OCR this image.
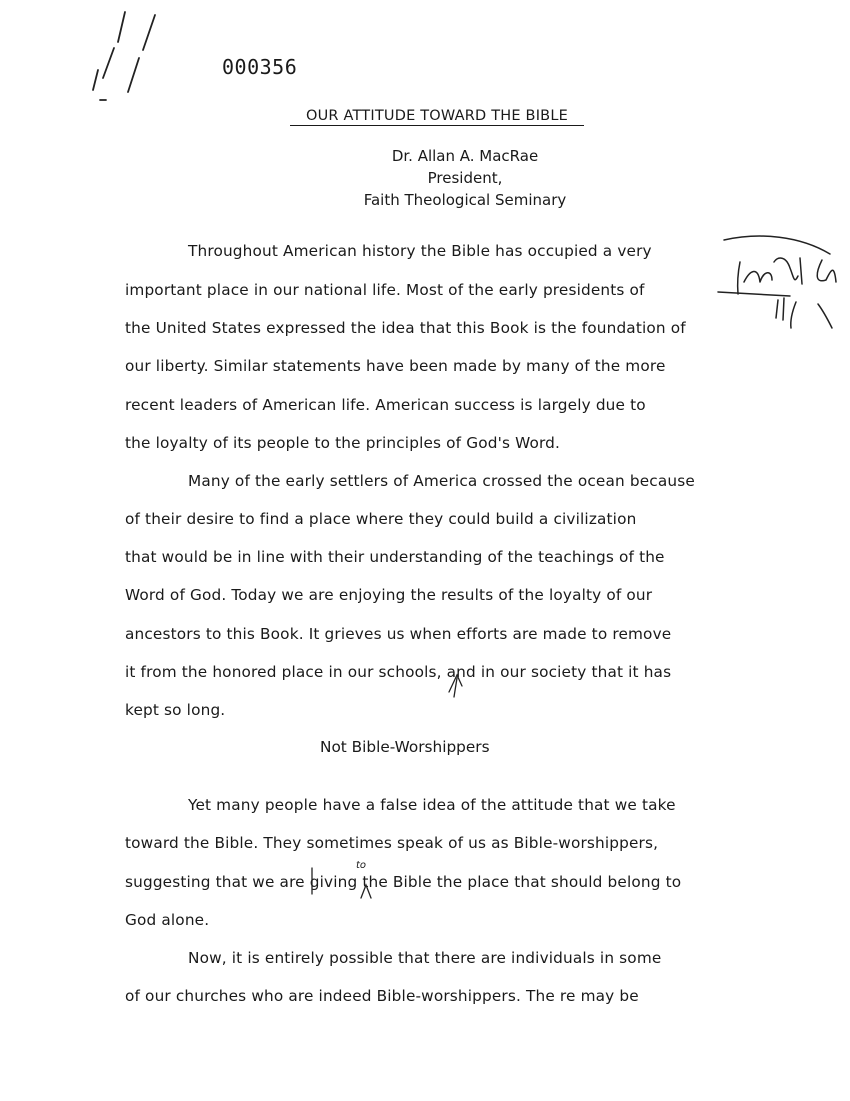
000356
OUR ATTITUDE TOWARD THE BIBLE
Dr. Allan A. MacRae
President,
Faith Theological Seminary
Throughout American history the Bible has occupied a very
important place in our national life. Most of the early presidents of
the United States expressed the idea that this Book is the foundation of
our liberty. Similar statements have been made by many of the more
recent leaders of American life. American success is largely due to
the loyalty of its people to the principles of God's Word.
Many of the early settlers of America crossed the ocean because
of their desire to find a place where they could build a civilization
that would be in line with their understanding of the teachings of the
Word of God. Today we are enjoying the results of the loyalty of our
ancestors to this Book. It grieves us when efforts are made to remove
it from the honored place in our schools, and in our society that it has
kept so long.
Not Bible-Worshippers
Yet many people have a false idea of the attitude that we take
toward the Bible. They sometimes speak of us as Bible-worshippers,
suggesting that we are giving the Bible the place that should belong to
God alone.
Now, it is entirely possible that there are individuals in some
of our churches who are indeed Bible-worshippers. The re may be
to
